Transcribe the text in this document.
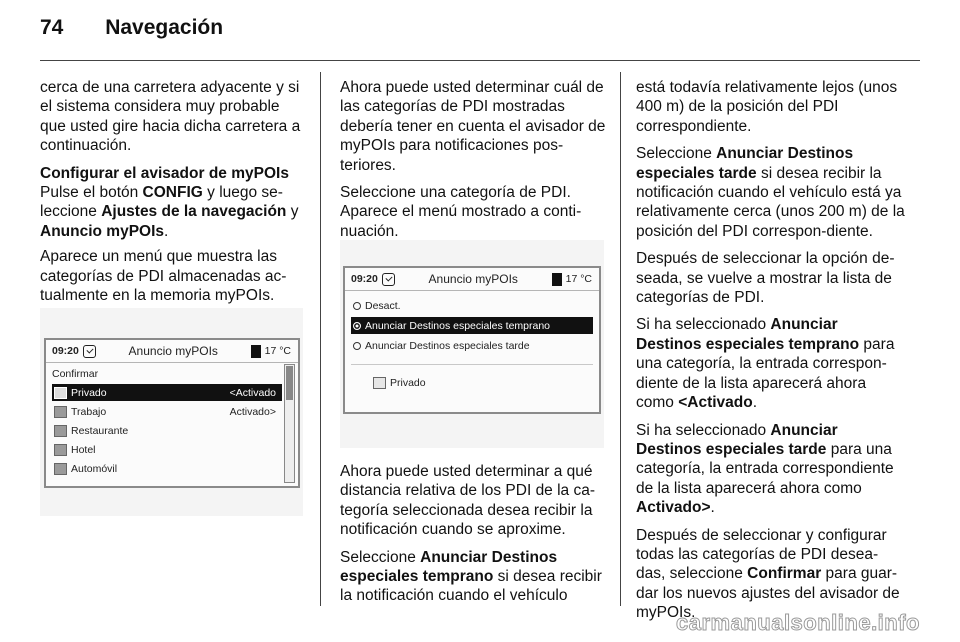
74 Navegación

cerca de una carretera adyacente y si el sistema considera muy probable que usted gire hacia dicha carretera a continuación.

Configurar el avisador de myPOIs
Pulse el botón CONFIG y luego se-leccione Ajustes de la navegación y Anuncio myPOIs.

Aparece un menú que muestra las categorías de PDI almacenadas ac-tualmente en la memoria myPOIs.

09:20	Anuncio myPOIs	17 °C
Confirmar
Privado	<Activado
Trabajo	Activado>
Restaurante
Hotel
Automóvil

Ahora puede usted determinar cuál de las categorías de PDI mostradas debería tener en cuenta el avisador de myPOIs para notificaciones pos-teriores.

Seleccione una categoría de PDI. Aparece el menú mostrado a conti-nuación.

09:20	Anuncio myPOIs	17 °C
Desact.
Anunciar Destinos especiales temprano
Anunciar Destinos especiales tarde
Privado

Ahora puede usted determinar a qué distancia relativa de los PDI de la ca-tegoría seleccionada desea recibir la notificación cuando se aproxime.

Seleccione Anunciar Destinos especiales temprano si desea recibir la notificación cuando el vehículo

está todavía relativamente lejos (unos 400 m) de la posición del PDI correspondiente.

Seleccione Anunciar Destinos especiales tarde si desea recibir la notificación cuando el vehículo está ya relativamente cerca (unos 200 m) de la posición del PDI correspon-diente.

Después de seleccionar la opción de-seada, se vuelve a mostrar la lista de categorías de PDI.

Si ha seleccionado Anunciar Destinos especiales temprano para una categoría, la entrada correspon-diente de la lista aparecerá ahora como <Activado.

Si ha seleccionado Anunciar Destinos especiales tarde para una categoría, la entrada correspondiente de la lista aparecerá ahora como Activado>.

Después de seleccionar y configurar todas las categorías de PDI desea-das, seleccione Confirmar para guar-dar los nuevos ajustes del avisador de myPOIs.

carmanualsonline.info
